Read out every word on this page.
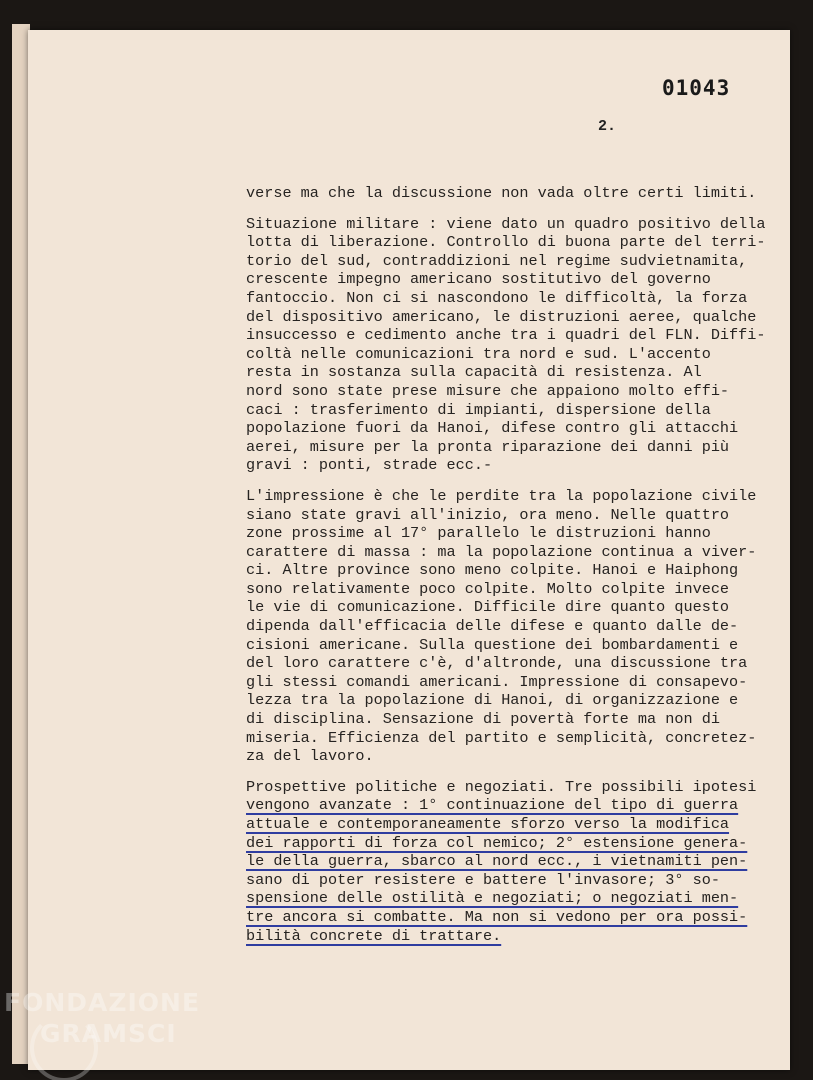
01043
2.
verse ma che la discussione non vada oltre certi limiti.
Situazione militare : viene dato un quadro positivo della
lotta di liberazione. Controllo di buona parte del terri-
torio del sud, contraddizioni nel regime sudvietnamita,
crescente impegno americano sostitutivo del governo
fantoccio. Non ci si nascondono le difficoltà, la forza
del dispositivo americano, le distruzioni aeree, qualche
insuccesso e cedimento anche tra i quadri del FLN. Diffi-
coltà nelle comunicazioni tra nord e sud. L'accento
resta in sostanza sulla capacità di resistenza. Al
nord sono state prese misure che appaiono molto effi-
caci : trasferimento di impianti, dispersione della
popolazione fuori da Hanoi, difese contro gli attacchi
aerei, misure per la pronta riparazione dei danni più
gravi : ponti, strade ecc.-
L'impressione è che le perdite tra la popolazione civile
siano state gravi all'inizio, ora meno. Nelle quattro
zone prossime al 17° parallelo le distruzioni hanno
carattere di massa : ma la popolazione continua a viver-
ci. Altre province sono meno colpite. Hanoi e Haiphong
sono relativamente poco colpite. Molto colpite invece
le vie di comunicazione. Difficile dire quanto questo
dipenda dall'efficacia delle difese e quanto dalle de-
cisioni americane. Sulla questione dei bombardamenti e
del loro carattere c'è, d'altronde, una discussione tra
gli stessi comandi americani. Impressione di consapevo-
lezza tra la popolazione di Hanoi, di organizzazione e
di disciplina. Sensazione di povertà forte ma non di
miseria. Efficienza del partito e semplicità, concretez-
za del lavoro.
Prospettive politiche e negoziati. Tre possibili ipotesi
vengono avanzate : 1° continuazione del tipo di guerra
attuale e contemporaneamente sforzo verso la modifica
dei rapporti di forza col nemico; 2° estensione genera-
le della guerra, sbarco al nord ecc., i vietnamiti pen-
sano di poter resistere e battere l'invasore; 3° so-
spensione delle ostilità e negoziati; o negoziati men-
tre ancora si combatte. Ma non si vedono per ora possi-
bilità concrete di trattare.
FONDAZIONE
GRAMSCI
